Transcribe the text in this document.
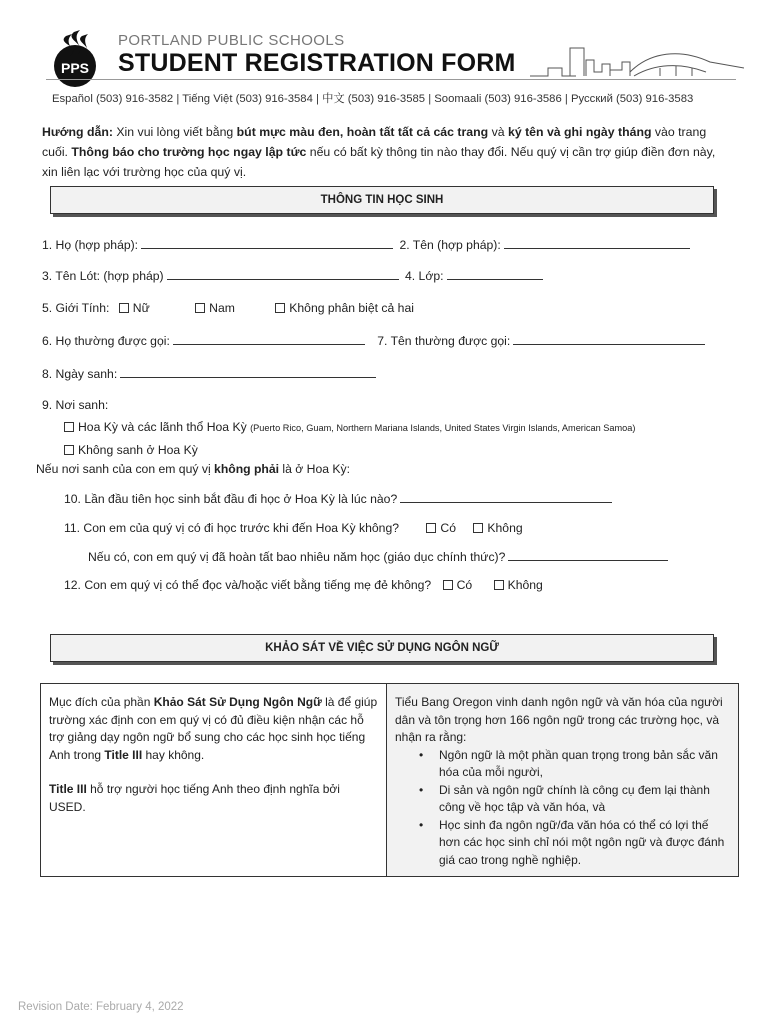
PPS
PORTLAND PUBLIC SCHOOLS
STUDENT REGISTRATION FORM
Español (503) 916-3582 | Tiếng Việt (503) 916-3584 | 中文 (503) 916-3585 | Soomaali (503) 916-3586 | Русский (503) 916-3583
Hướng dẫn: Xin vui lòng viết bằng bút mực màu đen, hoàn tất tất cả các trang và ký tên và ghi ngày tháng vào trang cuối. Thông báo cho trường học ngay lập tức nếu có bất kỳ thông tin nào thay đổi. Nếu quý vị cần trợ giúp điền đơn này, xin liên lạc với trường học của quý vị.
THÔNG TIN HỌC SINH
1. Họ (hợp pháp):	2. Tên (hợp pháp):
3. Tên Lót: (hợp pháp)	4. Lớp:
5. Giới Tính: Nữ	Nam	Không phân biệt cả hai
6. Họ thường được gọi:	7. Tên thường được gọi:
8. Ngày sanh:
9. Nơi sanh:
Hoa Kỳ và các lãnh thổ Hoa Kỳ (Puerto Rico, Guam, Northern Mariana Islands, United States Virgin Islands, American Samoa)
Không sanh ở Hoa Kỳ
Nếu nơi sanh của con em quý vị không phải là ở Hoa Kỳ:
10. Lần đầu tiên học sinh bắt đầu đi học ở Hoa Kỳ là lúc nào?
11. Con em của quý vị có đi học trước khi đến Hoa Kỳ không?	Có	Không
Nếu có, con em quý vị đã hoàn tất bao nhiêu năm học (giáo dục chính thức)?
12. Con em quý vị có thể đọc và/hoặc viết bằng tiếng mẹ đẻ không? Có	Không
KHẢO SÁT VỀ VIỆC SỬ DỤNG NGÔN NGỮ

Mục đích của phần Khảo Sát Sử Dụng Ngôn Ngữ là để giúp trường xác định con em quý vị có đủ điều kiện nhận các hỗ trợ giảng dạy ngôn ngữ bổ sung cho các học sinh học tiếng Anh trong Title III hay không.

Title III hỗ trợ người học tiếng Anh theo định nghĩa bởi USED.

Tiểu Bang Oregon vinh danh ngôn ngữ và văn hóa của người dân và tôn trọng hơn 166 ngôn ngữ trong các trường học, và nhận ra rằng:
• Ngôn ngữ là một phần quan trọng trong bản sắc văn hóa của mỗi người,
• Di sản và ngôn ngữ chính là công cụ đem lại thành công về học tập và văn hóa, và
• Học sinh đa ngôn ngữ/đa văn hóa có thể có lợi thế hơn các học sinh chỉ nói một ngôn ngữ và được đánh giá cao trong nghề nghiệp.
Revision Date: February 4, 2022
